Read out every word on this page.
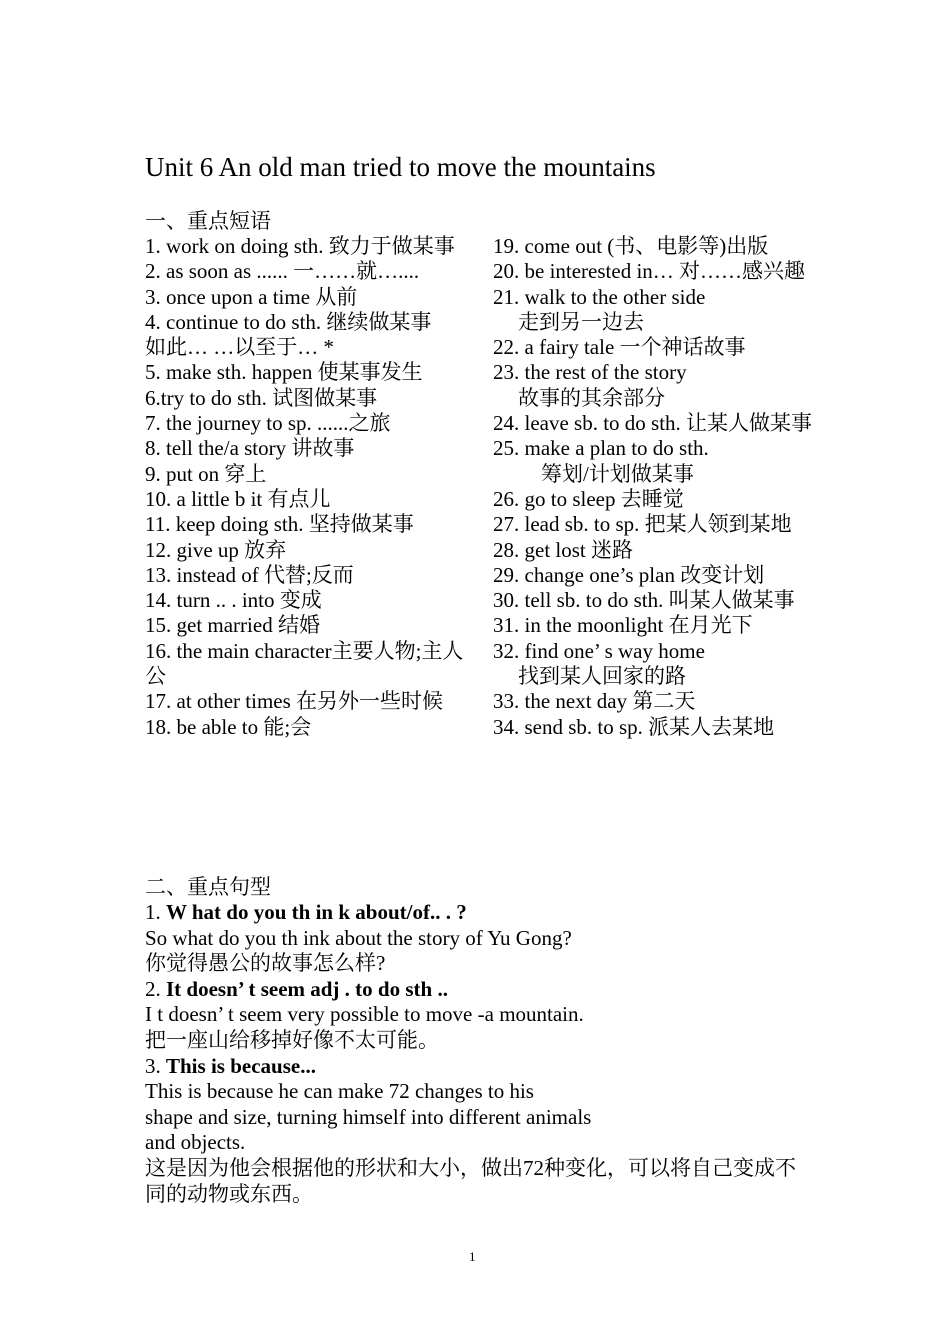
Unit 6 An old man tried to move the mountains
一、重点短语

1. work on doing sth. 致力于做某事

2. as soon as ...... 一……就…....

3. once upon a time 从前

4. continue to do sth. 继续做某事

如此… …以至于… *

5. make sth. happen 使某事发生

6.try to do sth. 试图做某事

7. the journey to sp. ......之旅

8. tell the/a story 讲故事

9. put on 穿上

10. a little b it 有点儿

11. keep doing sth. 坚持做某事

12. give up 放弃

13. instead of 代替;反而

14. turn .. . into 变成

15. get married 结婚

16. the main character主要人物;主人公

17. at other times 在另外一些时候

18. be able to 能;会

19. come out (书、电影等)出版

20. be interested in… 对……感兴趣

21. walk to the other side

走到另一边去

22. a fairy tale 一个神话故事

23. the rest of the story

故事的其余部分

24. leave sb. to do sth. 让某人做某事

25. make a plan to do sth.

筹划/计划做某事

26. go to sleep 去睡觉

27. lead sb. to sp. 把某人领到某地

28. get lost 迷路

29. change one’s plan 改变计划

30. tell sb. to do sth. 叫某人做某事

31. in the moonlight 在月光下

32. find one’ s way home

找到某人回家的路

33. the next day 第二天

34. send sb. to sp. 派某人去某地

二、重点句型

1. W hat do you th in k about/of.. . ?

So what do you th ink about the story of Yu Gong?

你觉得愚公的故事怎么样?

2. It doesn’ t seem adj . to do sth ..

I t doesn’ t seem very possible to move -a mountain.

把一座山给移掉好像不太可能。

3. This is because...

This is because he can make 72 changes to his

shape and size, turning himself into different animals

and objects.

这是因为他会根据他的形状和大小，做出72种变化，可以将自己变成不同的动物或东西。

1
